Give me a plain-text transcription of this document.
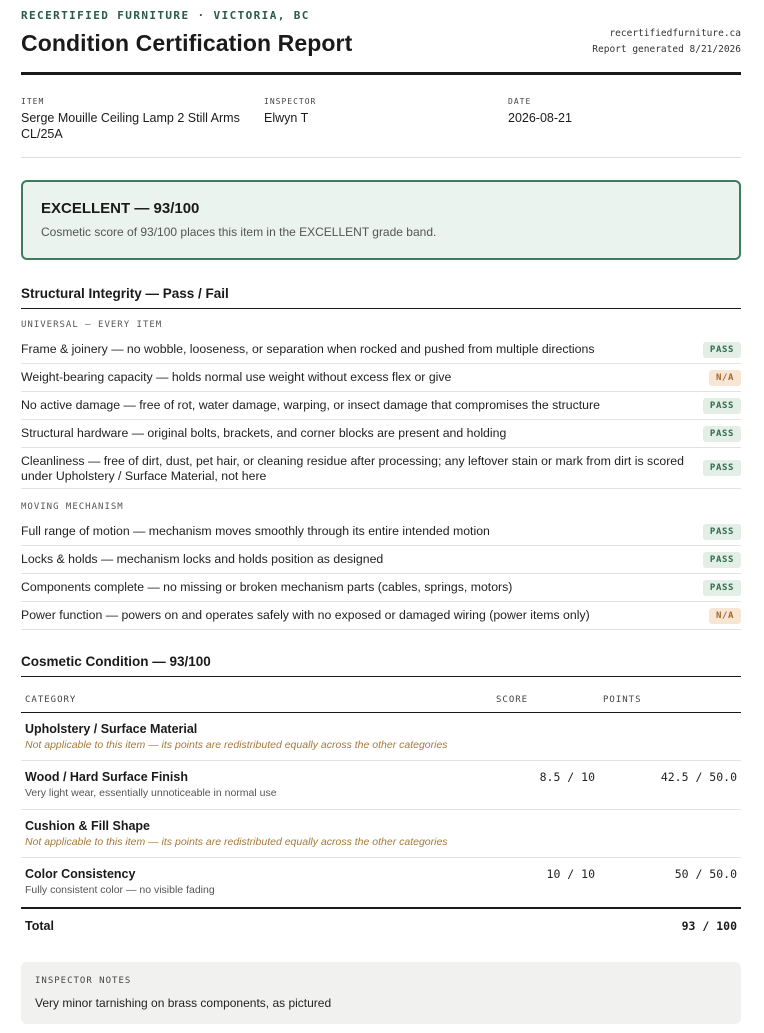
RECERTIFIED FURNITURE · VICTORIA, BC
Condition Certification Report	recertifiedfurniture.ca
Report generated 8/21/2026
ITEM
Serge Mouille Ceiling Lamp 2 Still Arms CL/25A
INSPECTOR
Elwyn T
DATE
2026-08-21
EXCELLENT — 93/100
Cosmetic score of 93/100 places this item in the EXCELLENT grade band.
Structural Integrity — Pass / Fail
UNIVERSAL — EVERY ITEM
Frame & joinery — no wobble, looseness, or separation when rocked and pushed from multiple directions	PASS
Weight-bearing capacity — holds normal use weight without excess flex or give	N/A
No active damage — free of rot, water damage, warping, or insect damage that compromises the structure	PASS
Structural hardware — original bolts, brackets, and corner blocks are present and holding	PASS
Cleanliness — free of dirt, dust, pet hair, or cleaning residue after processing; any leftover stain or mark from dirt is scored under Upholstery / Surface Material, not here
PASS
MOVING MECHANISM
Full range of motion — mechanism moves smoothly through its entire intended motion	PASS
Locks & holds — mechanism locks and holds position as designed	PASS
Components complete — no missing or broken mechanism parts (cables, springs, motors)	PASS
Power function — powers on and operates safely with no exposed or damaged wiring (power items only)	N/A
Cosmetic Condition — 93/100
CATEGORY	SCORE	POINTS
Upholstery / Surface Material
Not applicable to this item — its points are redistributed equally across the other categories
Wood / Hard Surface Finish
Very light wear, essentially unnoticeable in normal use
8.5 / 10	42.5 / 50.0
Cushion & Fill Shape
Not applicable to this item — its points are redistributed equally across the other categories
Color Consistency
Fully consistent color — no visible fading
10 / 10	50 / 50.0
Total	93 / 100
INSPECTOR NOTES
Very minor tarnishing on brass components, as pictured
